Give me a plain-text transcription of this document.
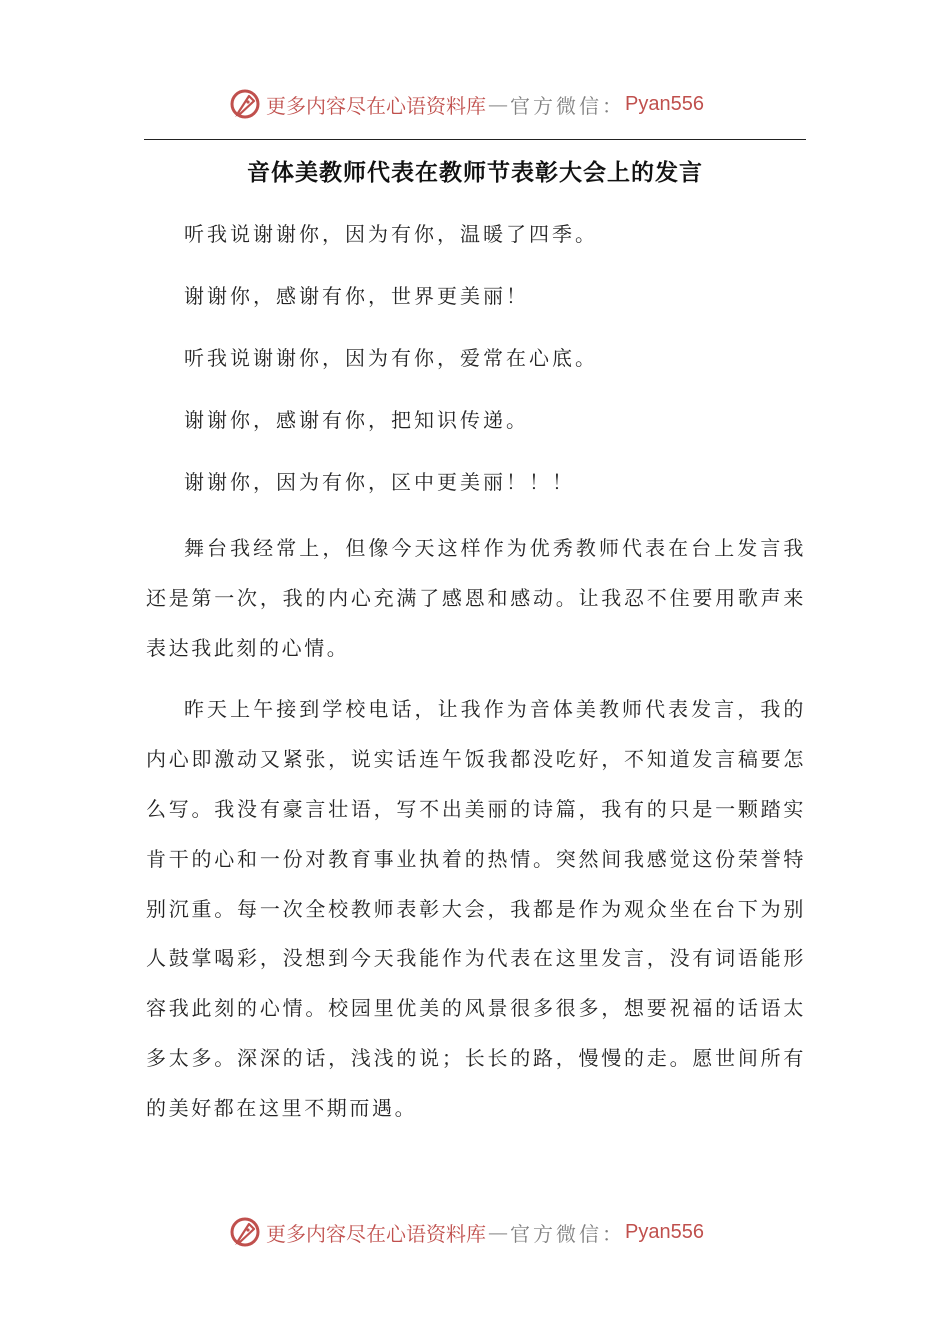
更多内容尽在心语资料库 — 官方微信： Pyan556
音体美教师代表在教师节表彰大会上的发言
听我说谢谢你，因为有你，温暖了四季。
谢谢你，感谢有你，世界更美丽！
听我说谢谢你，因为有你，爱常在心底。
谢谢你，感谢有你，把知识传递。
谢谢你，因为有你，区中更美丽！！！

舞台我经常上，但像今天这样作为优秀教师代表在台上发言我还是第一次，我的内心充满了感恩和感动。让我忍不住要用歌声来表达我此刻的心情。

昨天上午接到学校电话，让我作为音体美教师代表发言，我的内心即激动又紧张，说实话连午饭我都没吃好，不知道发言稿要怎么写。我没有豪言壮语，写不出美丽的诗篇，我有的只是一颗踏实肯干的心和一份对教育事业执着的热情。突然间我感觉这份荣誉特别沉重。每一次全校教师表彰大会，我都是作为观众坐在台下为别人鼓掌喝彩，没想到今天我能作为代表在这里发言，没有词语能形容我此刻的心情。校园里优美的风景很多很多，想要祝福的话语太多太多。深深的话，浅浅的说；长长的路，慢慢的走。愿世间所有的美好都在这里不期而遇。

更多内容尽在心语资料库 — 官方微信： Pyan556
